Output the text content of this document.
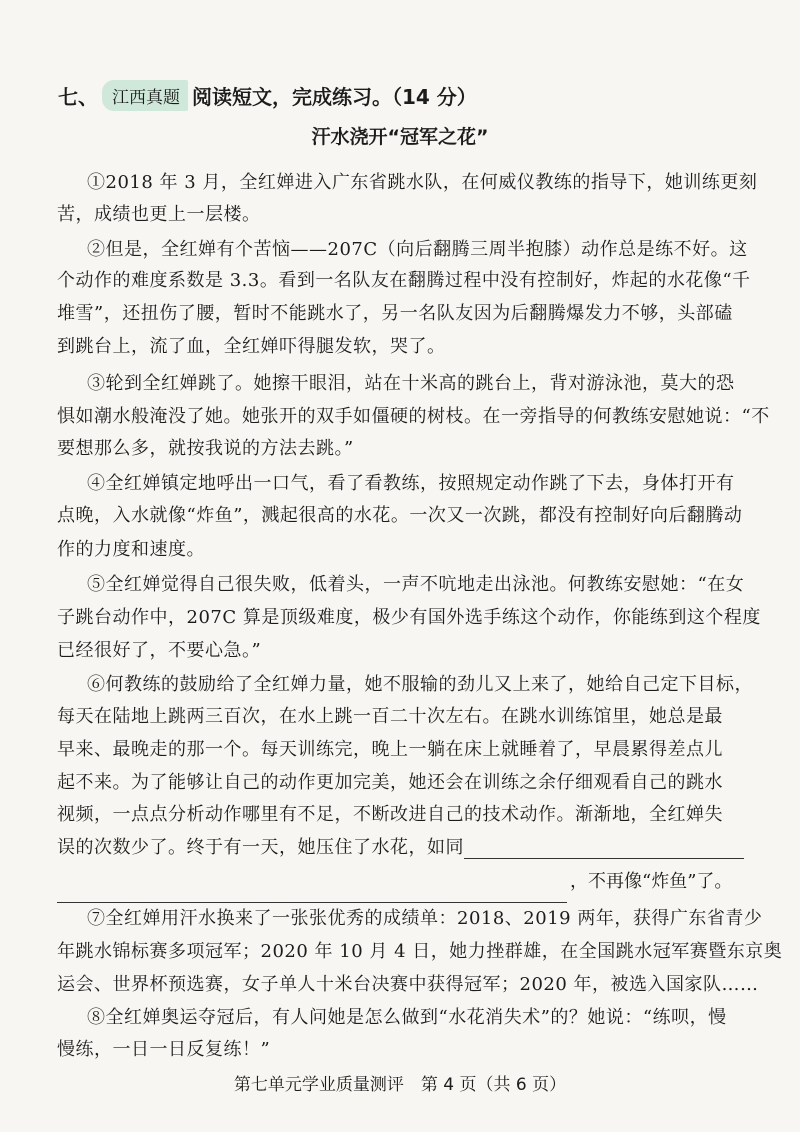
七、 江西真题 阅读短文，完成练习。（14 分）
汗水浇开“冠军之花”
①2018 年 3 月，全红婵进入广东省跳水队，在何威仪教练的指导下，她训练更刻
苦，成绩也更上一层楼。
②但是，全红婵有个苦恼——207C（向后翻腾三周半抱膝）动作总是练不好。这
个动作的难度系数是 3.3。看到一名队友在翻腾过程中没有控制好，炸起的水花像“千
堆雪”，还扭伤了腰，暂时不能跳水了，另一名队友因为后翻腾爆发力不够，头部磕
到跳台上，流了血，全红婵吓得腿发软，哭了。
③轮到全红婵跳了。她擦干眼泪，站在十米高的跳台上，背对游泳池，莫大的恐
惧如潮水般淹没了她。她张开的双手如僵硬的树枝。在一旁指导的何教练安慰她说：“不
要想那么多，就按我说的方法去跳。”
④全红婵镇定地呼出一口气，看了看教练，按照规定动作跳了下去，身体打开有
点晚，入水就像“炸鱼”，溅起很高的水花。一次又一次跳，都没有控制好向后翻腾动
作的力度和速度。
⑤全红婵觉得自己很失败，低着头，一声不吭地走出泳池。何教练安慰她：“在女
子跳台动作中，207C 算是顶级难度，极少有国外选手练这个动作，你能练到这个程度
已经很好了，不要心急。”
⑥何教练的鼓励给了全红婵力量，她不服输的劲儿又上来了，她给自己定下目标，
每天在陆地上跳两三百次，在水上跳一百二十次左右。在跳水训练馆里，她总是最
早来、最晚走的那一个。每天训练完，晚上一躺在床上就睡着了，早晨累得差点儿
起不来。为了能够让自己的动作更加完美，她还会在训练之余仔细观看自己的跳水
视频，一点点分析动作哪里有不足，不断改进自己的技术动作。渐渐地，全红婵失
误的次数少了。终于有一天，她压住了水花，如同
，不再像“炸鱼”了。
⑦全红婵用汗水换来了一张张优秀的成绩单：2018、2019 两年，获得广东省青少
年跳水锦标赛多项冠军；2020 年 10 月 4 日，她力挫群雄，在全国跳水冠军赛暨东京奥
运会、世界杯预选赛，女子单人十米台决赛中获得冠军；2020 年，被选入国家队……
⑧全红婵奥运夺冠后，有人问她是怎么做到“水花消失术”的？她说：“练呗，慢
慢练，一日一日反复练！”
第七单元学业质量测评　第 4 页（共 6 页）
